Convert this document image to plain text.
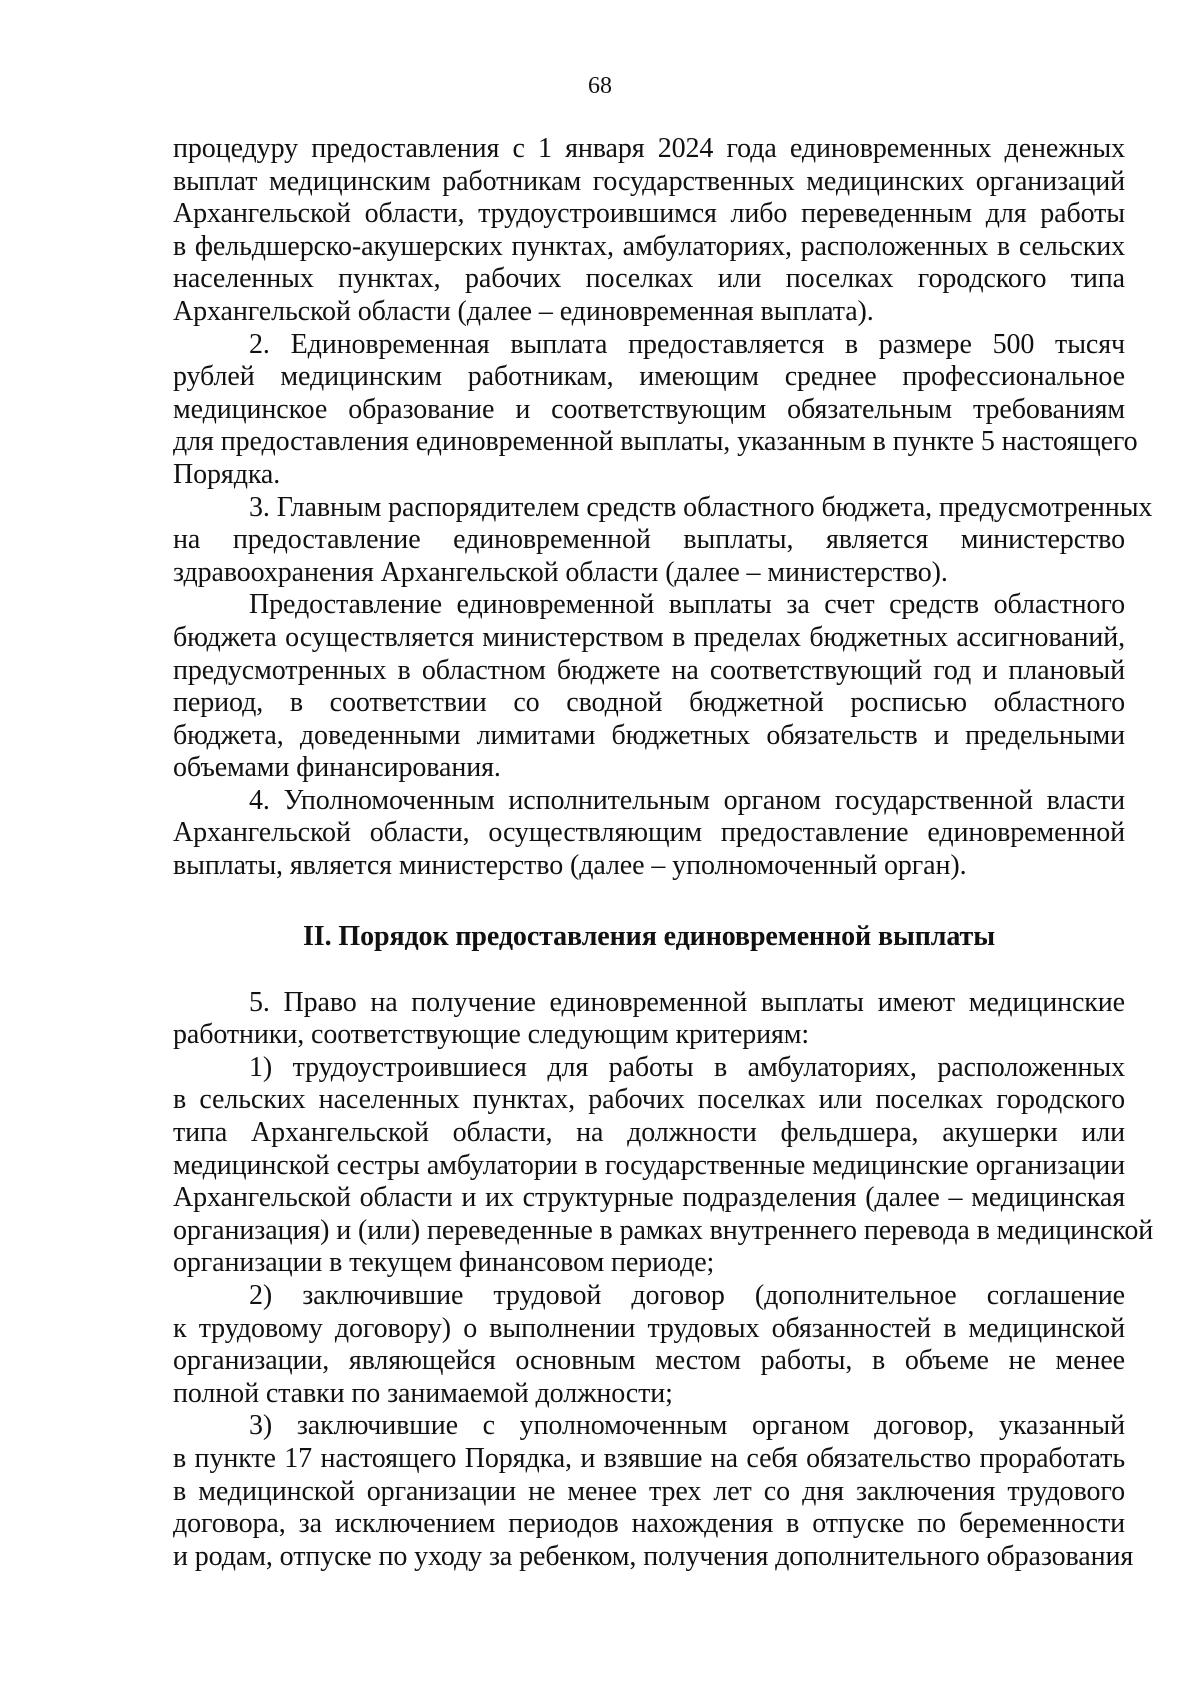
68
процедуру предоставления с 1 января 2024 года единовременных денежных
выплат медицинским работникам государственных медицинских организаций
Архангельской области, трудоустроившимся либо переведенным для работы
в фельдшерско-акушерских пунктах, амбулаториях, расположенных в сельских
населенных пунктах, рабочих поселках или поселках городского типа
Архангельской области (далее – единовременная выплата).
2. Единовременная выплата предоставляется в размере 500 тысяч
рублей медицинским работникам, имеющим среднее профессиональное
медицинское образование и соответствующим обязательным требованиям
для предоставления единовременной выплаты, указанным в пункте 5 настоящего
Порядка.
3. Главным распорядителем средств областного бюджета, предусмотренных
на предоставление единовременной выплаты, является министерство
здравоохранения Архангельской области (далее – министерство).
Предоставление единовременной выплаты за счет средств областного
бюджета осуществляется министерством в пределах бюджетных ассигнований,
предусмотренных в областном бюджете на соответствующий год и плановый
период, в соответствии со сводной бюджетной росписью областного
бюджета, доведенными лимитами бюджетных обязательств и предельными
объемами финансирования.
4. Уполномоченным исполнительным органом государственной власти
Архангельской области, осуществляющим предоставление единовременной
выплаты, является министерство (далее – уполномоченный орган).
II. Порядок предоставления единовременной выплаты
5. Право на получение единовременной выплаты имеют медицинские
работники, соответствующие следующим критериям:
1) трудоустроившиеся для работы в амбулаториях, расположенных
в сельских населенных пунктах, рабочих поселках или поселках городского
типа Архангельской области, на должности фельдшера, акушерки или
медицинской сестры амбулатории в государственные медицинские организации
Архангельской области и их структурные подразделения (далее – медицинская
организация) и (или) переведенные в рамках внутреннего перевода в медицинской
организации в текущем финансовом периоде;
2) заключившие трудовой договор (дополнительное соглашение
к трудовому договору) о выполнении трудовых обязанностей в медицинской
организации, являющейся основным местом работы, в объеме не менее
полной ставки по занимаемой должности;
3) заключившие с уполномоченным органом договор, указанный
в пункте 17 настоящего Порядка, и взявшие на себя обязательство проработать
в медицинской организации не менее трех лет со дня заключения трудового
договора, за исключением периодов нахождения в отпуске по беременности
и родам, отпуске по уходу за ребенком, получения дополнительного образования
